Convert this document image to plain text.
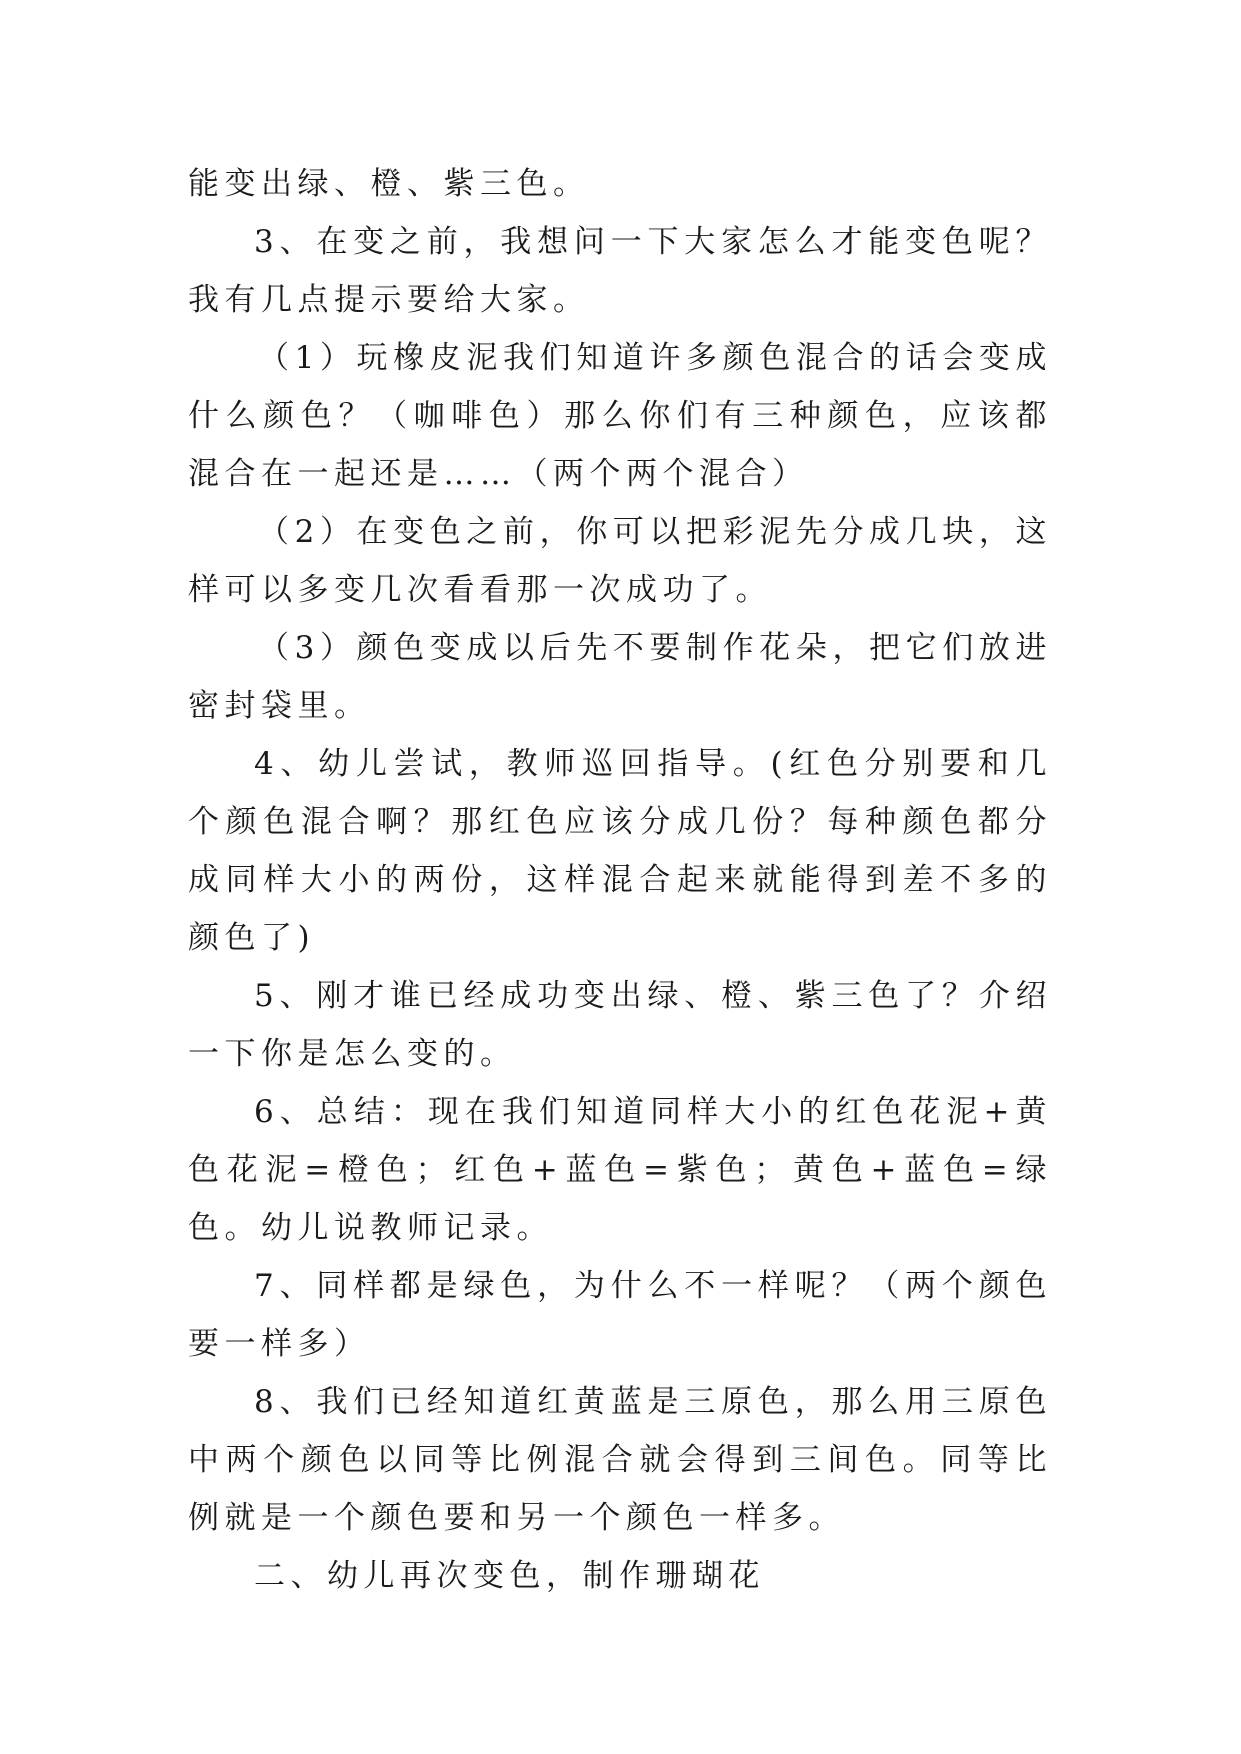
能变出绿、橙、紫三色。

3、在变之前，我想问一下大家怎么才能变色呢？我有几点提示要给大家。

（1）玩橡皮泥我们知道许多颜色混合的话会变成什么颜色？（咖啡色）那么你们有三种颜色，应该都混合在一起还是……（两个两个混合）

（2）在变色之前，你可以把彩泥先分成几块，这样可以多变几次看看那一次成功了。

（3）颜色变成以后先不要制作花朵，把它们放进密封袋里。

4、幼儿尝试，教师巡回指导。(红色分别要和几个颜色混合啊？那红色应该分成几份？每种颜色都分成同样大小的两份，这样混合起来就能得到差不多的颜色了)

5、刚才谁已经成功变出绿、橙、紫三色了？介绍一下你是怎么变的。

6、总结：现在我们知道同样大小的红色花泥+黄色花泥=橙色；红色+蓝色=紫色；黄色+蓝色=绿色。幼儿说教师记录。

7、同样都是绿色，为什么不一样呢？（两个颜色要一样多）

8、我们已经知道红黄蓝是三原色，那么用三原色中两个颜色以同等比例混合就会得到三间色。同等比例就是一个颜色要和另一个颜色一样多。

二、幼儿再次变色，制作珊瑚花
